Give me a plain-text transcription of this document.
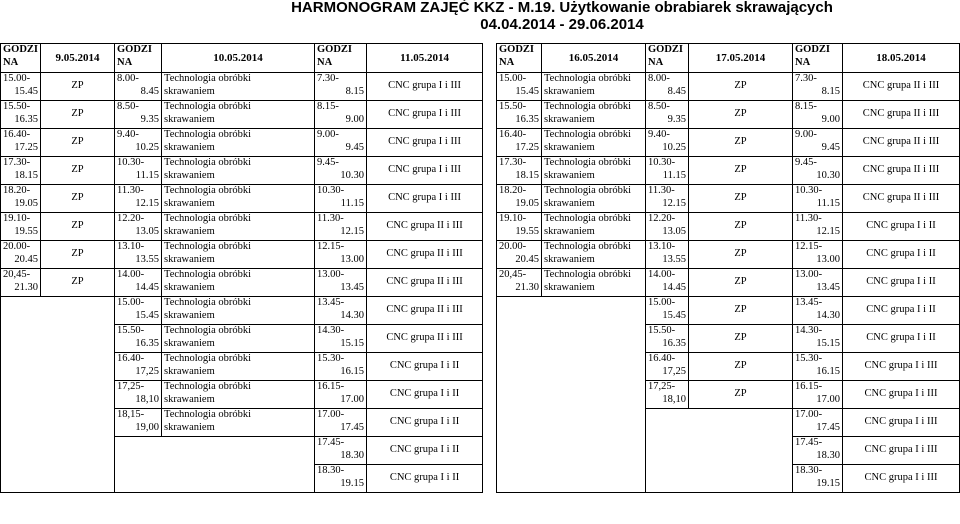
HARMONOGRAM ZAJĘĆ KKZ - M.19. Użytkowanie obrabiarek skrawających
04.04.2014 - 29.06.2014
GODZI
NA	9.05.2014	GODZI
NA	10.05.2014	GODZI
NA	11.05.2014

15.00-
15.45	ZP	8.00-
8.45	Technologia obróbki
skrawaniem	7.30-
8.15	CNC grupa I i III

15.50-
16.35	ZP	8.50-
9.35	Technologia obróbki
skrawaniem	8.15-
9.00	CNC grupa I i III

16.40-
17.25	ZP	9.40-
10.25	Technologia obróbki
skrawaniem	9.00-
9.45	CNC grupa I i III

17.30-
18.15	ZP	10.30-
11.15	Technologia obróbki
skrawaniem	9.45-
10.30	CNC grupa I i III

18.20-
19.05	ZP	11.30-
12.15	Technologia obróbki
skrawaniem	10.30-
11.15	CNC grupa I i III

19.10-
19.55	ZP	12.20-
13.05	Technologia obróbki
skrawaniem	11.30-
12.15	CNC grupa II i III

20.00-
20.45	ZP	13.10-
13.55	Technologia obróbki
skrawaniem	12.15-
13.00	CNC grupa II i III

20,45-
21.30	ZP	14.00-
14.45	Technologia obróbki
skrawaniem	13.00-
13.45	CNC grupa II i III

		15.00-
15.45	Technologia obróbki
skrawaniem	13.45-
14.30	CNC grupa II i III

		15.50-
16.35	Technologia obróbki
skrawaniem	14.30-
15.15	CNC grupa II i III

		16.40-
17,25	Technologia obróbki
skrawaniem	15.30-
16.15	CNC grupa I i II

		17,25-
18,10	Technologia obróbki
skrawaniem	16.15-
17.00	CNC grupa I i II

		18,15-
19,00	Technologia obróbki
skrawaniem	17.00-
17.45	CNC grupa I i II

				17.45-
18.30	CNC grupa I i II

				18.30-
19.15	CNC grupa I i II
GODZI
NA	16.05.2014	GODZI
NA	17.05.2014	GODZI
NA	18.05.2014

15.00-
15.45	Technologia obróbki
skrawaniem	8.00-
8.45	ZP	7.30-
8.15	CNC grupa II i III

15.50-
16.35	Technologia obróbki
skrawaniem	8.50-
9.35	ZP	8.15-
9.00	CNC grupa II i III

16.40-
17.25	Technologia obróbki
skrawaniem	9.40-
10.25	ZP	9.00-
9.45	CNC grupa II i III

17.30-
18.15	Technologia obróbki
skrawaniem	10.30-
11.15	ZP	9.45-
10.30	CNC grupa II i III

18.20-
19.05	Technologia obróbki
skrawaniem	11.30-
12.15	ZP	10.30-
11.15	CNC grupa II i III

19.10-
19.55	Technologia obróbki
skrawaniem	12.20-
13.05	ZP	11.30-
12.15	CNC grupa I i II

20.00-
20.45	Technologia obróbki
skrawaniem	13.10-
13.55	ZP	12.15-
13.00	CNC grupa I i II

20,45-
21.30	Technologia obróbki
skrawaniem	14.00-
14.45	ZP	13.00-
13.45	CNC grupa I i II

		15.00-
15.45	ZP	13.45-
14.30	CNC grupa I i II

		15.50-
16.35	ZP	14.30-
15.15	CNC grupa I i II

		16.40-
17,25	ZP	15.30-
16.15	CNC grupa I i III

		17,25-
18,10	ZP	16.15-
17.00	CNC grupa I i III

				17.00-
17.45	CNC grupa I i III

				17.45-
18.30	CNC grupa I i III

				18.30-
19.15	CNC grupa I i III
